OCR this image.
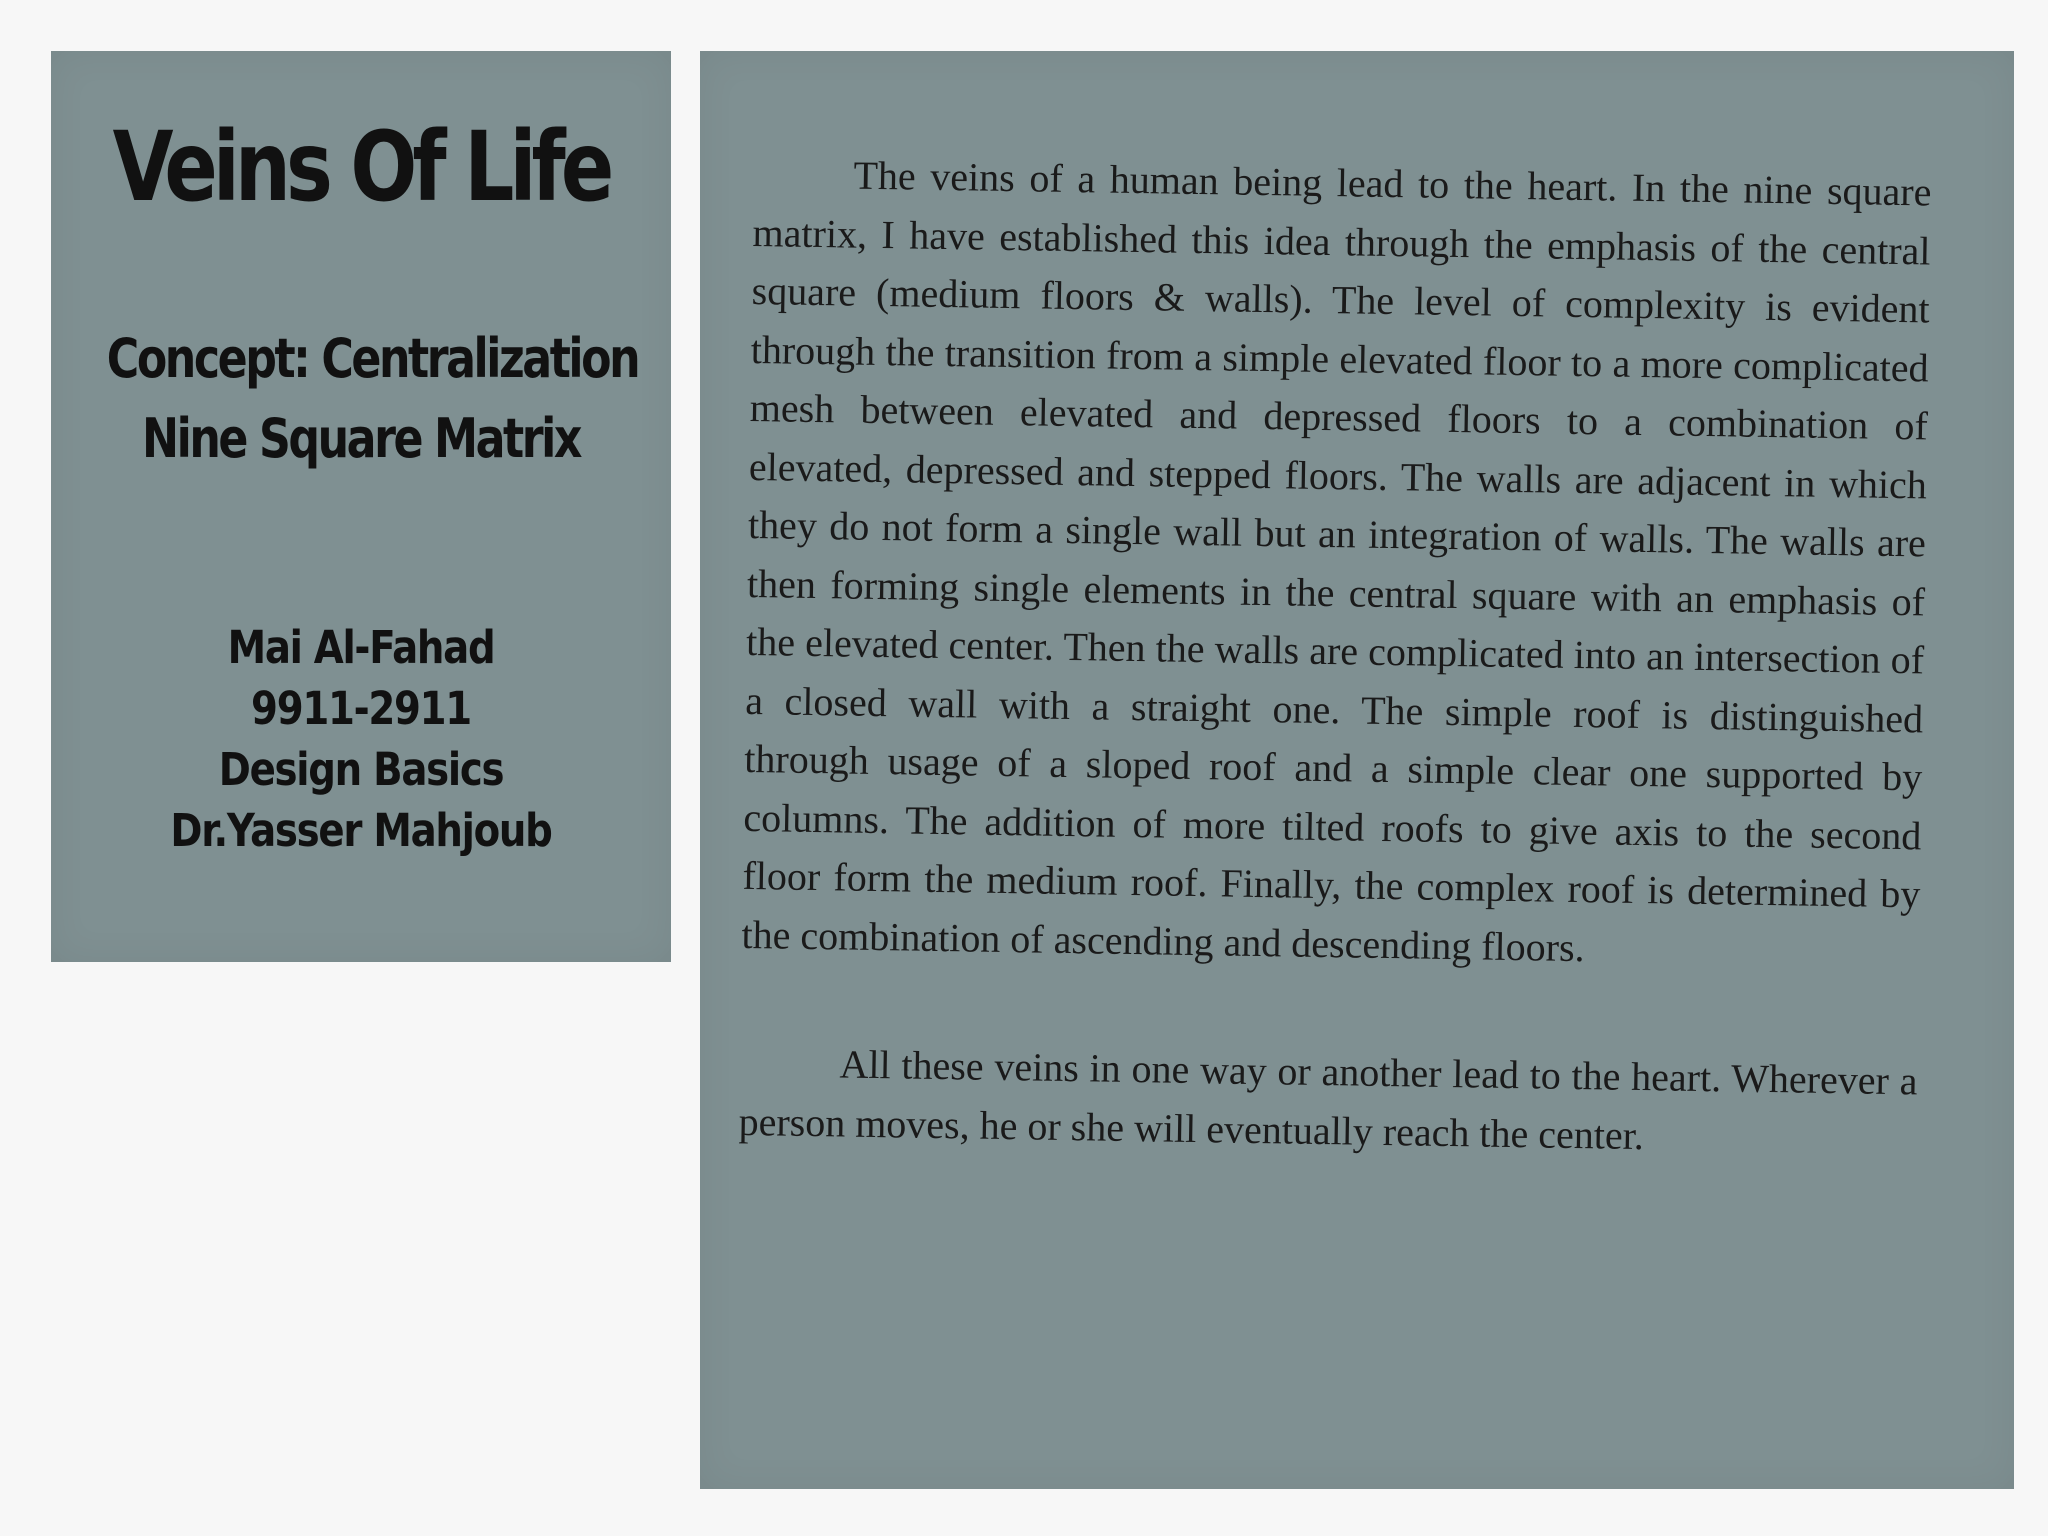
Veins Of Life
Concept: Centralization
Nine Square Matrix
Mai Al-Fahad
9911-2911
Design Basics
Dr.Yasser Mahjoub

The veins of a human being lead to the heart. In the nine square matrix, I have established this idea through the emphasis of the central square (medium floors & walls). The level of complexity is evident through the transition from a simple elevated floor to a more complicated mesh between elevated and depressed floors to a combination of elevated, depressed and stepped floors. The walls are adjacent in which they do not form a single wall but an integration of walls. The walls are then forming single elements in the central square with an emphasis of the elevated center. Then the walls are complicated into an intersection of a closed wall with a straight one. The simple roof is distinguished through usage of a sloped roof and a simple clear one supported by columns. The addition of more tilted roofs to give axis to the second floor form the medium roof. Finally, the complex roof is determined by the combination of ascending and descending floors.

All these veins in one way or another lead to the heart. Wherever a person moves, he or she will eventually reach the center.
